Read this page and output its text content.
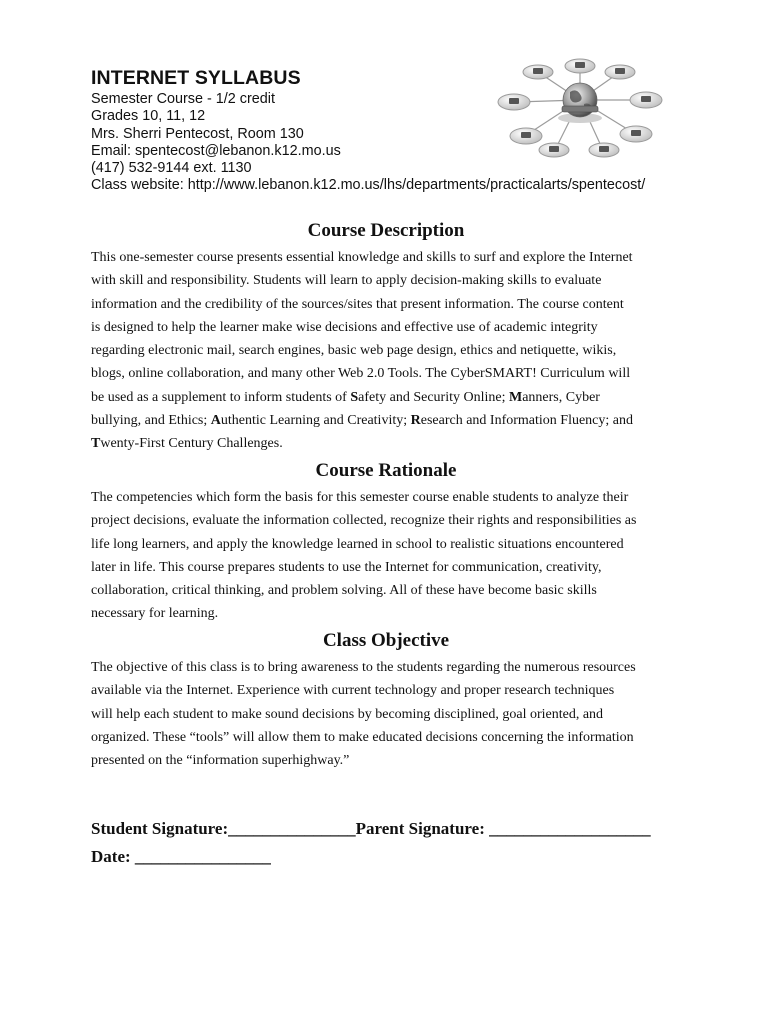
INTERNET SYLLABUS
Semester Course - 1/2 credit
Grades 10, 11, 12
Mrs. Sherri Pentecost, Room 130
Email: spentecost@lebanon.k12.mo.us
(417) 532-9144 ext. 1130
Class website: http://www.lebanon.k12.mo.us/lhs/departments/practicalarts/spentecost/
Course Description
This one-semester course presents essential knowledge and skills to surf and explore the Internet
with skill and responsibility. Students will learn to apply decision-making skills to evaluate
information and the credibility of the sources/sites that present information. The course content
is designed to help the learner make wise decisions and effective use of academic integrity
regarding electronic mail, search engines, basic web page design, ethics and netiquette, wikis,
blogs, online collaboration, and many other Web 2.0 Tools. The CyberSMART! Curriculum will
be used as a supplement to inform students of Safety and Security Online; Manners, Cyber
bullying, and Ethics; Authentic Learning and Creativity; Research and Information Fluency; and
Twenty-First Century Challenges.
Course Rationale
The competencies which form the basis for this semester course enable students to analyze their
project decisions, evaluate the information collected, recognize their rights and responsibilities as
life long learners, and apply the knowledge learned in school to realistic situations encountered
later in life. This course prepares students to use the Internet for communication, creativity,
collaboration, critical thinking, and problem solving. All of these have become basic skills
necessary for learning.
Class Objective
The objective of this class is to bring awareness to the students regarding the numerous resources
available via the Internet. Experience with current technology and proper research techniques
will help each student to make sound decisions by becoming disciplined, goal oriented, and
organized. These “tools” will allow them to make educated decisions concerning the information
presented on the “information superhighway.”
Student Signature:_______________Parent Signature: ___________________
Date: ________________
